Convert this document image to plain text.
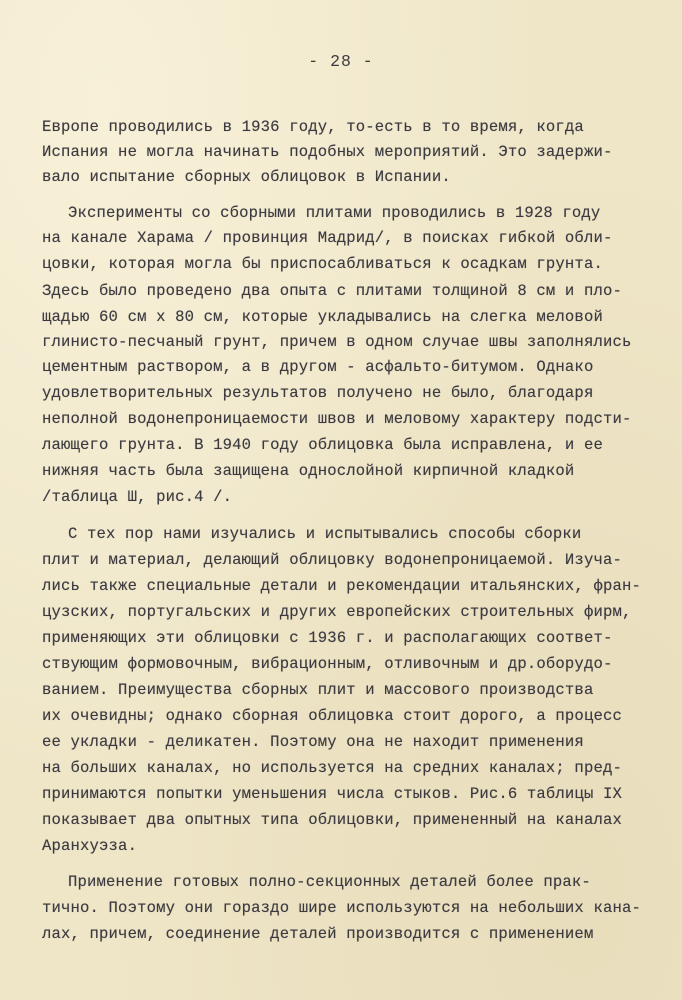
- 28 -
Европе проводились в 1936 году, то-есть в то время, когда
Испания не могла начинать подобных мероприятий. Это задержи-
вало испытание сборных облицовок в Испании.
Эксперименты со сборными плитами проводились в 1928 году
на канале Харама / провинция Мадрид/, в поисках гибкой обли-
цовки, которая могла бы приспосабливаться к осадкам грунта.
Здесь было проведено два опыта с плитами толщиной 8 см и пло-
щадью 60 см х 80 см, которые укладывались на слегка меловой
глинисто-песчаный грунт, причем в одном случае швы заполнялись
цементным раствором, а в другом - асфальто-битумом. Однако
удовлетворительных результатов получено не было, благодаря
неполной водонепроницаемости швов и меловому характеру подсти-
лающего грунта. В 1940 году облицовка была исправлена, и ее
нижняя часть была защищена однослойной кирпичной кладкой
/таблица Ш, рис.4 /.
С тех пор нами изучались и испытывались способы сборки
плит и материал, делающий облицовку водонепроницаемой. Изуча-
лись также специальные детали и рекомендации итальянских, фран-
цузских, португальских и других европейских строительных фирм,
применяющих эти облицовки с 1936 г. и располагающих соответ-
ствующим формовочным, вибрационным, отливочным и др.оборудо-
ванием. Преимущества сборных плит и массового производства
их очевидны; однако сборная облицовка стоит дорого, а процесс
ее укладки - деликатен. Поэтому она не находит применения
на больших каналах, но используется на средних каналах; пред-
принимаются попытки уменьшения числа стыков. Рис.6 таблицы IX
показывает два опытных типа облицовки, примененный на каналах
Аранхуэза.
Применение готовых полно-секционных деталей более прак-
тично. Поэтому они гораздо шире используются на небольших кана-
лах, причем, соединение деталей производится с применением
